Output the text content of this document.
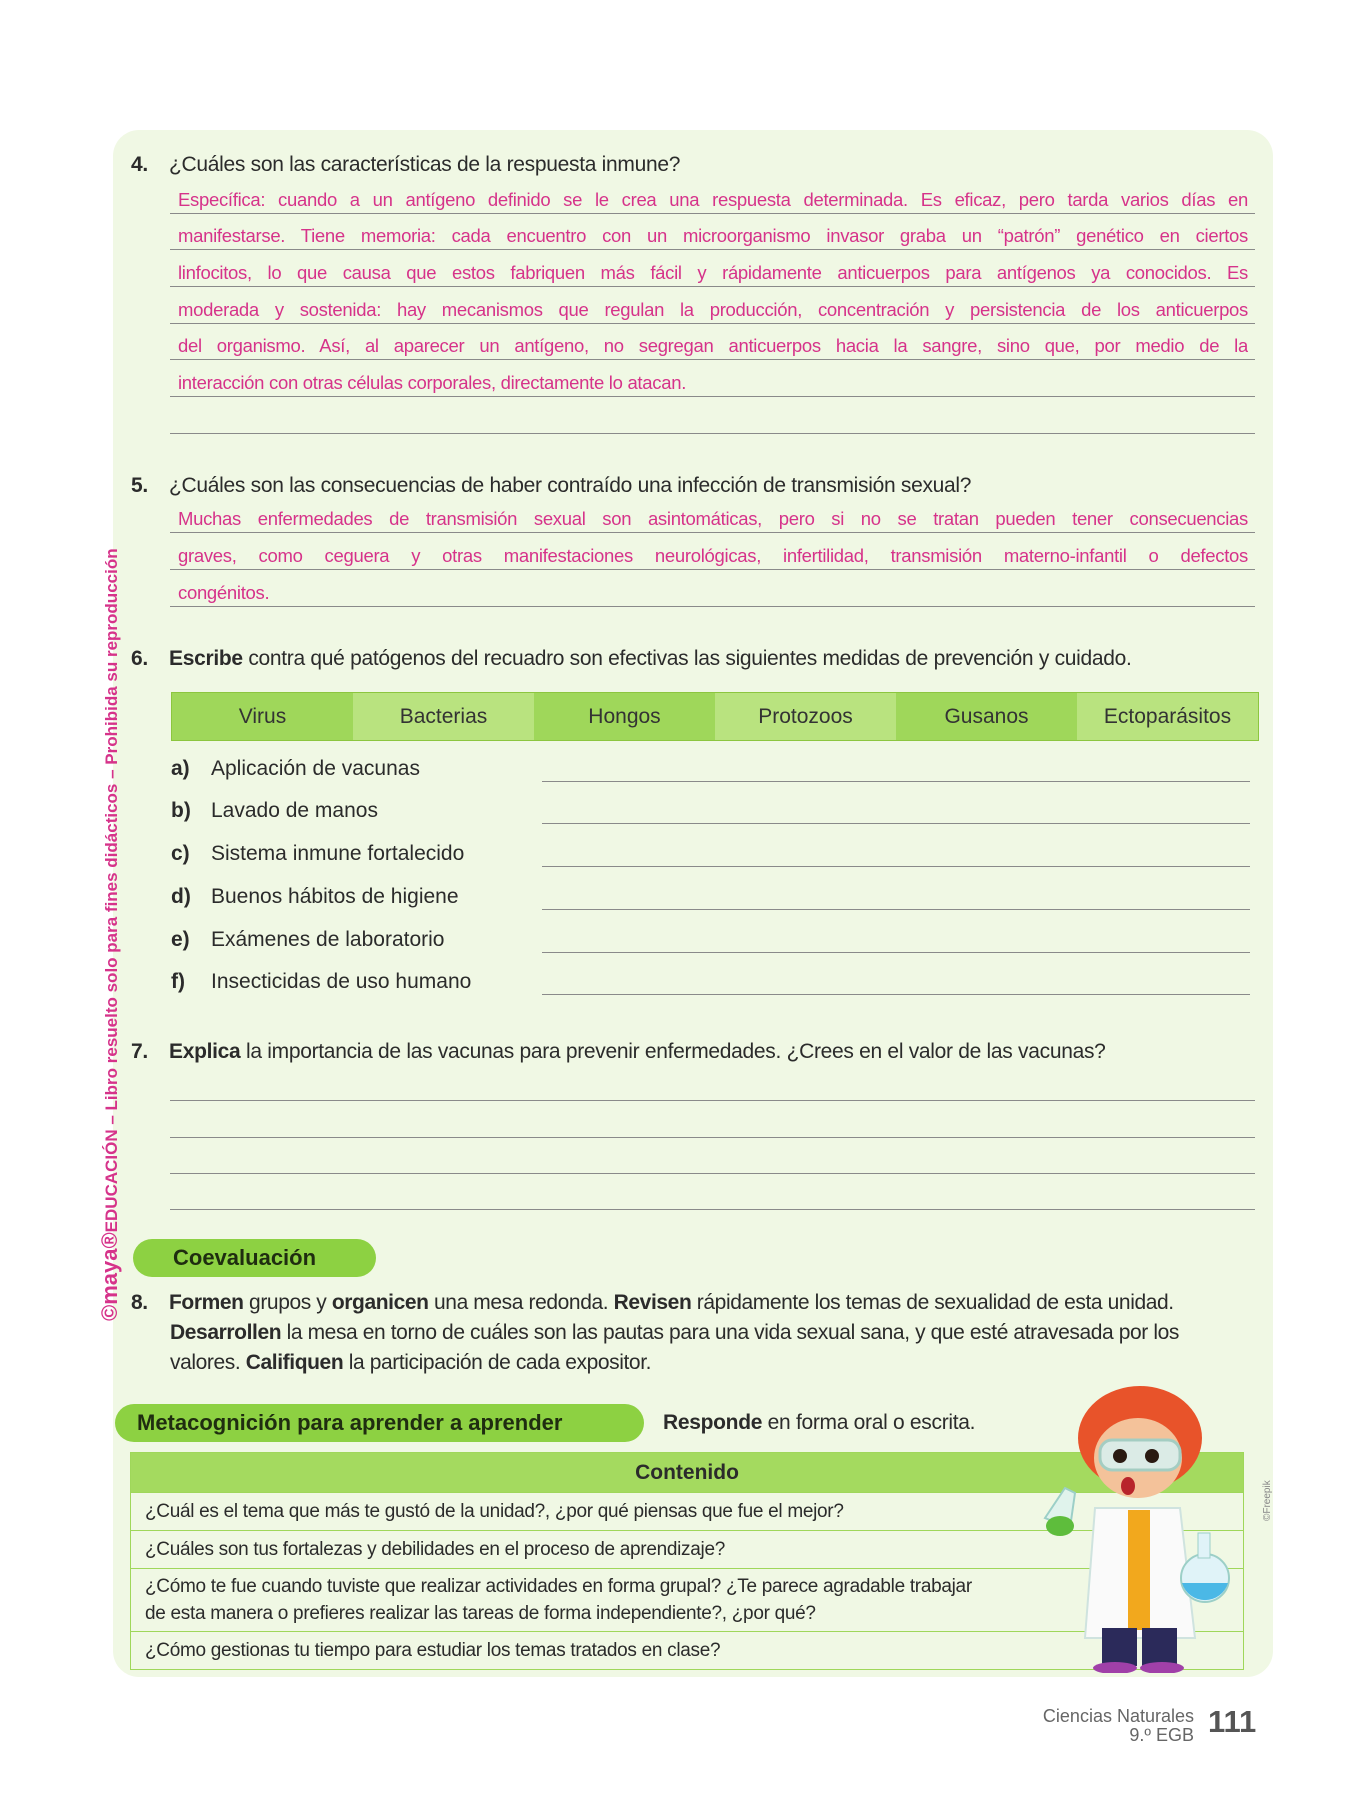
©maya®EDUCACIÓN – Libro resuelto solo para fines didácticos – Prohibida su reproducción
4. ¿Cuáles son las características de la respuesta inmune?
Específica: cuando a un antígeno definido se le crea una respuesta determinada. Es eficaz, pero tarda varios días en
manifestarse. Tiene memoria: cada encuentro con un microorganismo invasor graba un “patrón” genético en ciertos
linfocitos, lo que causa que estos fabriquen más fácil y rápidamente anticuerpos para antígenos ya conocidos. Es
moderada y sostenida: hay mecanismos que regulan la producción, concentración y persistencia de los anticuerpos
del organismo. Así, al aparecer un antígeno, no segregan anticuerpos hacia la sangre, sino que, por medio de la
interacción con otras células corporales, directamente lo atacan.
5. ¿Cuáles son las consecuencias de haber contraído una infección de transmisión sexual?
Muchas enfermedades de transmisión sexual son asintomáticas, pero si no se tratan pueden tener consecuencias
graves, como ceguera y otras manifestaciones neurológicas, infertilidad, transmisión materno-infantil o defectos
congénitos.
6. Escribe contra qué patógenos del recuadro son efectivas las siguientes medidas de prevención y cuidado.
Virus	Bacterias	Hongos	Protozoos	Gusanos	Ectoparásitos
a) Aplicación de vacunas
b) Lavado de manos
c) Sistema inmune fortalecido
d) Buenos hábitos de higiene
e) Exámenes de laboratorio
f) Insecticidas de uso humano
7. Explica la importancia de las vacunas para prevenir enfermedades. ¿Crees en el valor de las vacunas?
Coevaluación
8. Formen grupos y organicen una mesa redonda. Revisen rápidamente los temas de sexualidad de esta unidad.
Desarrollen la mesa en torno de cuáles son las pautas para una vida sexual sana, y que esté atravesada por los
valores. Califiquen la participación de cada expositor.
Metacognición para aprender a aprender	Responde en forma oral o escrita.
Contenido
¿Cuál es el tema que más te gustó de la unidad?, ¿por qué piensas que fue el mejor?
¿Cuáles son tus fortalezas y debilidades en el proceso de aprendizaje?
¿Cómo te fue cuando tuviste que realizar actividades en forma grupal? ¿Te parece agradable trabajar de esta manera o prefieres realizar las tareas de forma independiente?, ¿por qué?
¿Cómo gestionas tu tiempo para estudiar los temas tratados en clase?
©Freepik
Ciencias Naturales
9.º EGB 111
